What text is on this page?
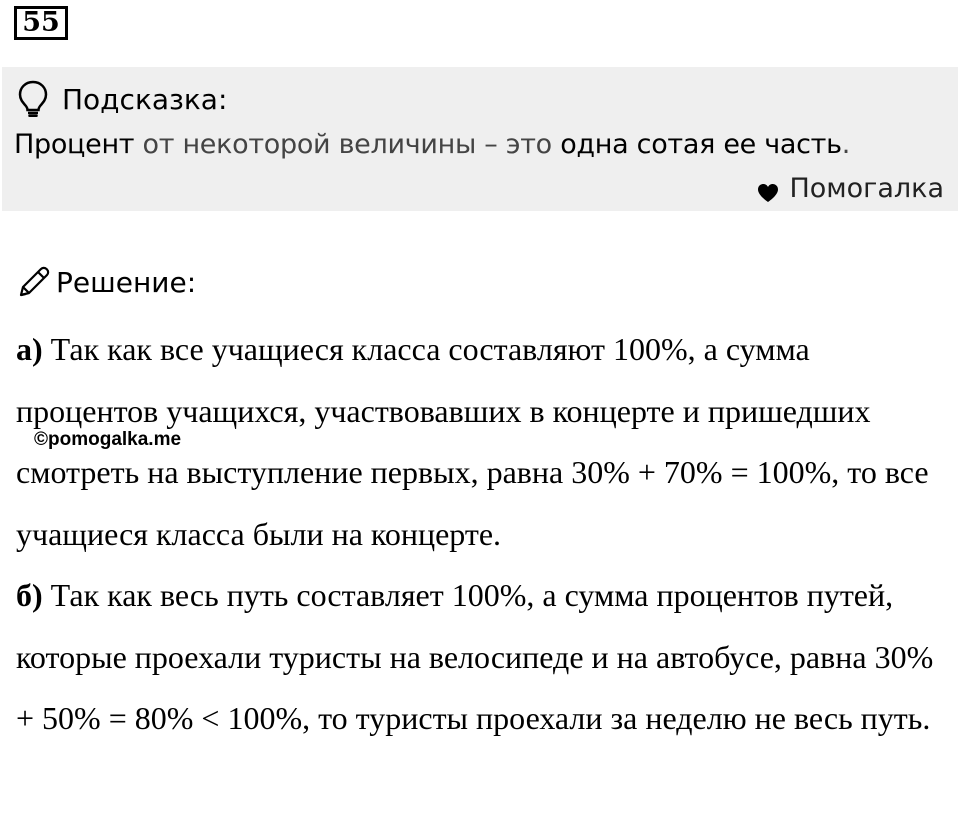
55
Подсказка:
Процент от некоторой величины – это одна сотая ее часть.
Помогалка
Решение:

а) Так как все учащиеся класса составляют 100%, а сумма процентов учащихся, участвовавших в концерте и пришедших смотреть на выступление первых, равна 30% + 70% = 100%, то все учащиеся класса были на концерте.

б) Так как весь путь составляет 100%, а сумма процентов путей, которые проехали туристы на велосипеде и на автобусе, равна 30% + 50% = 80% < 100%, то туристы проехали за неделю не весь путь.

©pomogalka.me
